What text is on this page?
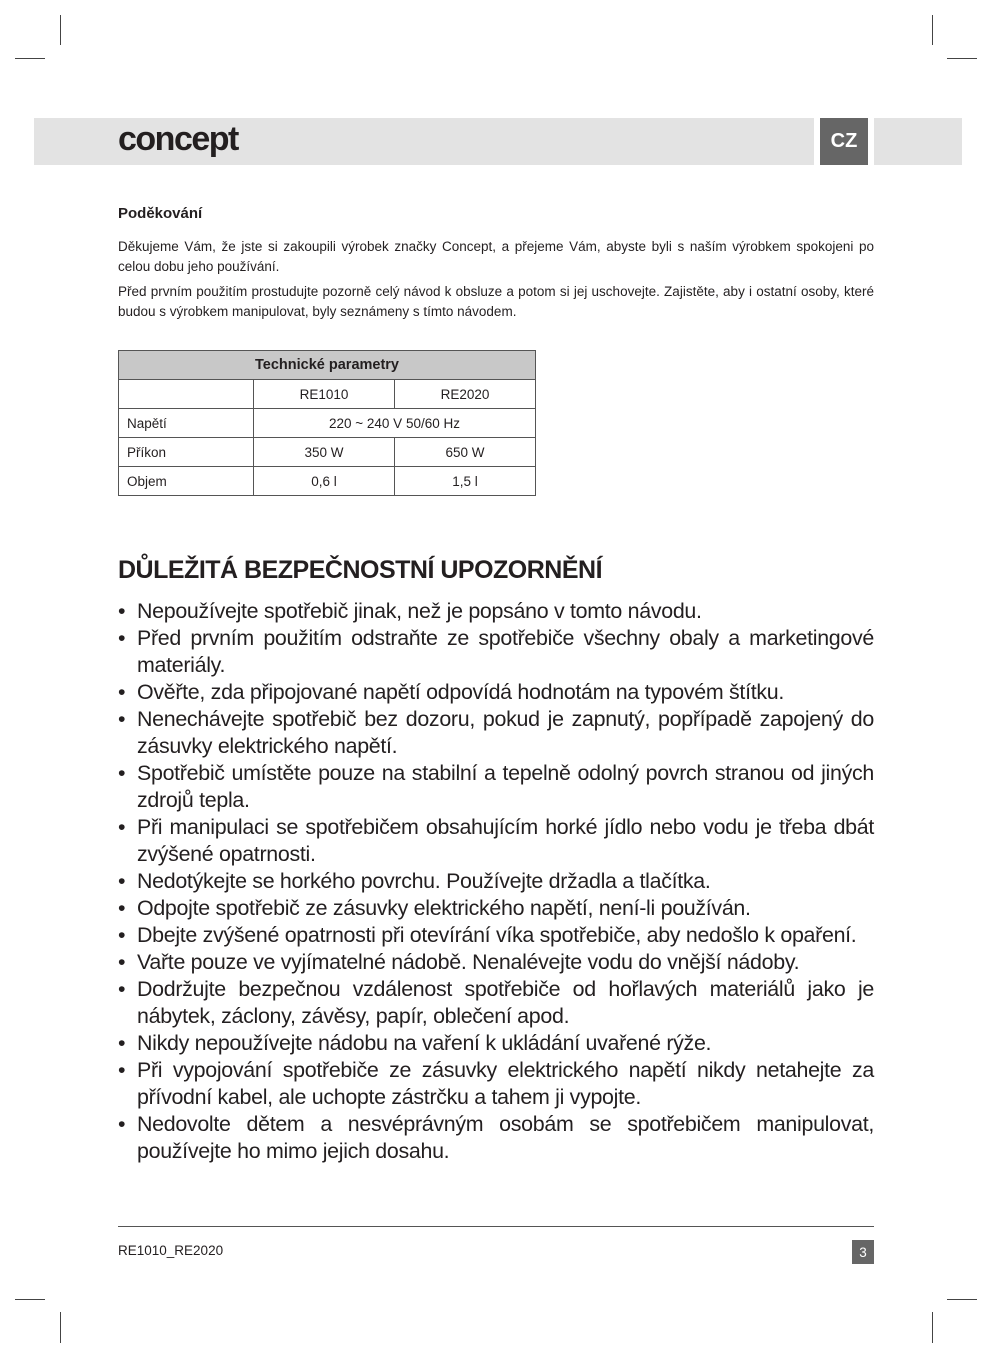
concept	CZ
Poděkování

Děkujeme Vám, že jste si zakoupili výrobek značky Concept, a přejeme Vám, abyste byli s naším výrobkem spokojeni po celou dobu jeho používání.

Před prvním použitím prostudujte pozorně celý návod k obsluze a potom si jej uschovejte. Zajistěte, aby i ostatní osoby, které budou s výrobkem manipulovat, byly seznámeny s tímto návodem.

Technické parametry		
	RE1010	RE2020
Napětí	220 ~ 240 V 50/60 Hz	
Příkon	350 W	650 W
Objem	0,6 l	1,5 l
DŮLEŽITÁ BEZPEČNOSTNÍ UPOZORNĚNÍ
• Nepoužívejte spotřebič jinak, než je popsáno v tomto návodu.
• Před prvním použitím odstraňte ze spotřebiče všechny obaly a marketingové materiály.
• Ověřte, zda připojované napětí odpovídá hodnotám na typovém štítku.
• Nenechávejte spotřebič bez dozoru, pokud je zapnutý, popřípadě zapojený do zásuvky elektrického napětí.
• Spotřebič umístěte pouze na stabilní a tepelně odolný povrch stranou od jiných zdrojů tepla.
• Při manipulaci se spotřebičem obsahujícím horké jídlo nebo vodu je třeba dbát zvýšené opatrnosti.
• Nedotýkejte se horkého povrchu. Používejte držadla a tlačítka.
• Odpojte spotřebič ze zásuvky elektrického napětí, není-li používán.
• Dbejte zvýšené opatrnosti při otevírání víka spotřebiče, aby nedošlo k opaření.
• Vařte pouze ve vyjímatelné nádobě. Nenalévejte vodu do vnější nádoby.
• Dodržujte bezpečnou vzdálenost spotřebiče od hořlavých materiálů jako je nábytek, záclony, závěsy, papír, oblečení apod.
• Nikdy nepoužívejte nádobu na vaření k ukládání uvařené rýže.
• Při vypojování spotřebiče ze zásuvky elektrického napětí nikdy netahejte za přívodní kabel, ale uchopte zástrčku a tahem ji vypojte.
• Nedovolte dětem a nesvéprávným osobám se spotřebičem manipulovat, používejte ho mimo jejich dosahu.
RE1010_RE2020	3
